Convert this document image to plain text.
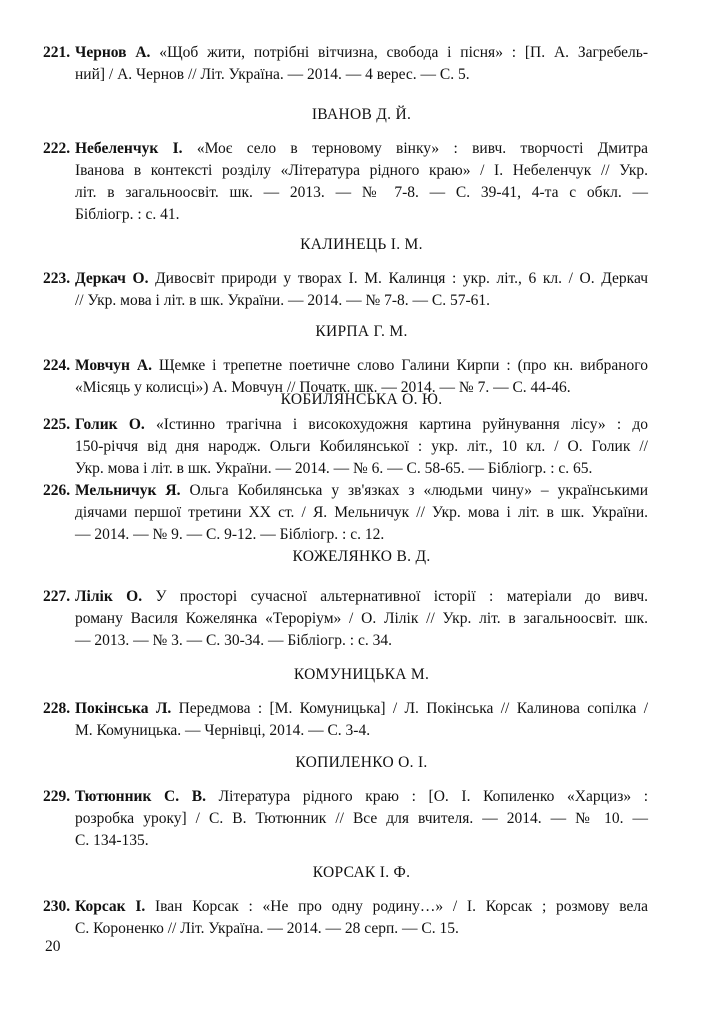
221. Чернов А. «Щоб жити, потрібні вітчизна, свобода і пісня» : [П. А. Загребель-
ний] / А. Чернов // Літ. Україна. — 2014. — 4 верес. — С. 5.
ІВАНОВ Д. Й.
222. Небеленчук І. «Моє село в терновому вінку» : вивч. творчості Дмитра
Іванова в контексті розділу «Література рідного краю» / І. Небеленчук // Укр.
літ. в загальноосвіт. шк. — 2013. — № 7-8. — С. 39-41, 4-та с обкл. —
Бібліогр. : с. 41.
КАЛИНЕЦЬ І. М.
223. Деркач О. Дивосвіт природи у творах І. М. Калинця : укр. літ., 6 кл. / О. Деркач
// Укр. мова і літ. в шк. України. — 2014. — № 7-8. — С. 57-61.
КИРПА Г. М.
224. Мовчун А. Щемке і трепетне поетичне слово Галини Кирпи : (про кн. вибраного
«Місяць у колисці») А. Мовчун // Початк. шк. — 2014. — № 7. — С. 44-46.
КОБИЛЯНСЬКА О. Ю.
225. Голик О. «Істинно трагічна і високохудожня картина руйнування лісу» : до
150-річчя від дня народж. Ольги Кобилянської : укр. літ., 10 кл. / О. Голик //
Укр. мова і літ. в шк. України. — 2014. — № 6. — С. 58-65. — Бібліогр. : с. 65.
226. Мельничук Я. Ольга Кобилянська у зв'язках з «людьми чину» – українськими
діячами першої третини ХХ ст. / Я. Мельничук // Укр. мова і літ. в шк. України.
— 2014. — № 9. — С. 9-12. — Бібліогр. : с. 12.
КОЖЕЛЯНКО В. Д.
227. Лілік О. У просторі сучасної альтернативної історії : матеріали до вивч.
роману Василя Кожелянка «Тероріум» / О. Лілік // Укр. літ. в загальноосвіт. шк.
— 2013. — № 3. — С. 30-34. — Бібліогр. : с. 34.
КОМУНИЦЬКА М.
228. Покінська Л. Передмова : [М. Комуницька] / Л. Покінська // Калинова сопілка /
М. Комуницька. — Чернівці, 2014. — С. 3-4.
КОПИЛЕНКО О. І.
229. Тютюнник С. В. Література рідного краю : [О. І. Копиленко «Харциз» :
розробка уроку] / С. В. Тютюнник // Все для вчителя. — 2014. — № 10. —
С. 134-135.
КОРСАК І. Ф.
230. Корсак І. Іван Корсак : «Не про одну родину…» / І. Корсак ; розмову вела
С. Короненко // Літ. Україна. — 2014. — 28 серп. — С. 15.
20
